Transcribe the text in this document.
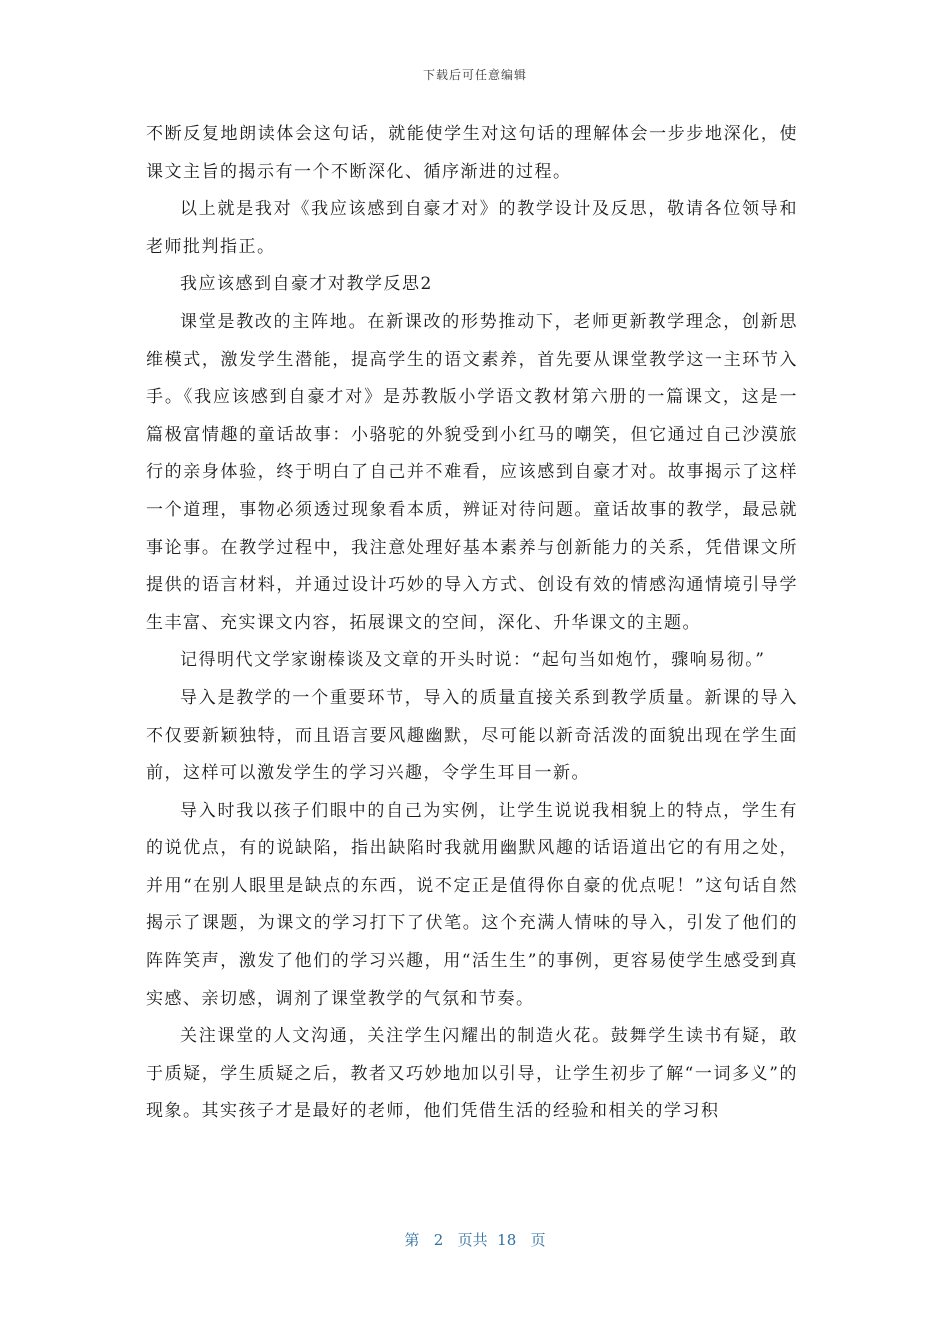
下载后可任意编辑

不断反复地朗读体会这句话，就能使学生对这句话的理解体会一步步地深化，使课文主旨的揭示有一个不断深化、循序渐进的过程。

以上就是我对《我应该感到自豪才对》的教学设计及反思，敬请各位领导和老师批判指正。

我应该感到自豪才对教学反思2

课堂是教改的主阵地。在新课改的形势推动下，老师更新教学理念，创新思维模式，激发学生潜能，提高学生的语文素养，首先要从课堂教学这一主环节入手。《我应该感到自豪才对》是苏教版小学语文教材第六册的一篇课文，这是一篇极富情趣的童话故事：小骆驼的外貌受到小红马的嘲笑，但它通过自己沙漠旅行的亲身体验，终于明白了自己并不难看，应该感到自豪才对。故事揭示了这样一个道理，事物必须透过现象看本质，辨证对待问题。童话故事的教学，最忌就事论事。在教学过程中，我注意处理好基本素养与创新能力的关系，凭借课文所提供的语言材料，并通过设计巧妙的导入方式、创设有效的情感沟通情境引导学生丰富、充实课文内容，拓展课文的空间，深化、升华课文的主题。

记得明代文学家谢榛谈及文章的开头时说：“起句当如炮竹，骤响易彻。”

导入是教学的一个重要环节，导入的质量直接关系到教学质量。新课的导入不仅要新颖独特，而且语言要风趣幽默，尽可能以新奇活泼的面貌出现在学生面前，这样可以激发学生的学习兴趣，令学生耳目一新。

导入时我以孩子们眼中的自己为实例，让学生说说我相貌上的特点，学生有的说优点，有的说缺陷，指出缺陷时我就用幽默风趣的话语道出它的有用之处，并用“在别人眼里是缺点的东西，说不定正是值得你自豪的优点呢！”这句话自然揭示了课题，为课文的学习打下了伏笔。这个充满人情味的导入，引发了他们的阵阵笑声，激发了他们的学习兴趣，用“活生生”的事例，更容易使学生感受到真实感、亲切感，调剂了课堂教学的气氛和节奏。

关注课堂的人文沟通，关注学生闪耀出的制造火花。鼓舞学生读书有疑，敢于质疑，学生质疑之后，教者又巧妙地加以引导，让学生初步了解“一词多义”的现象。其实孩子才是最好的老师，他们凭借生活的经验和相关的学习积

第 2 页共 18 页
